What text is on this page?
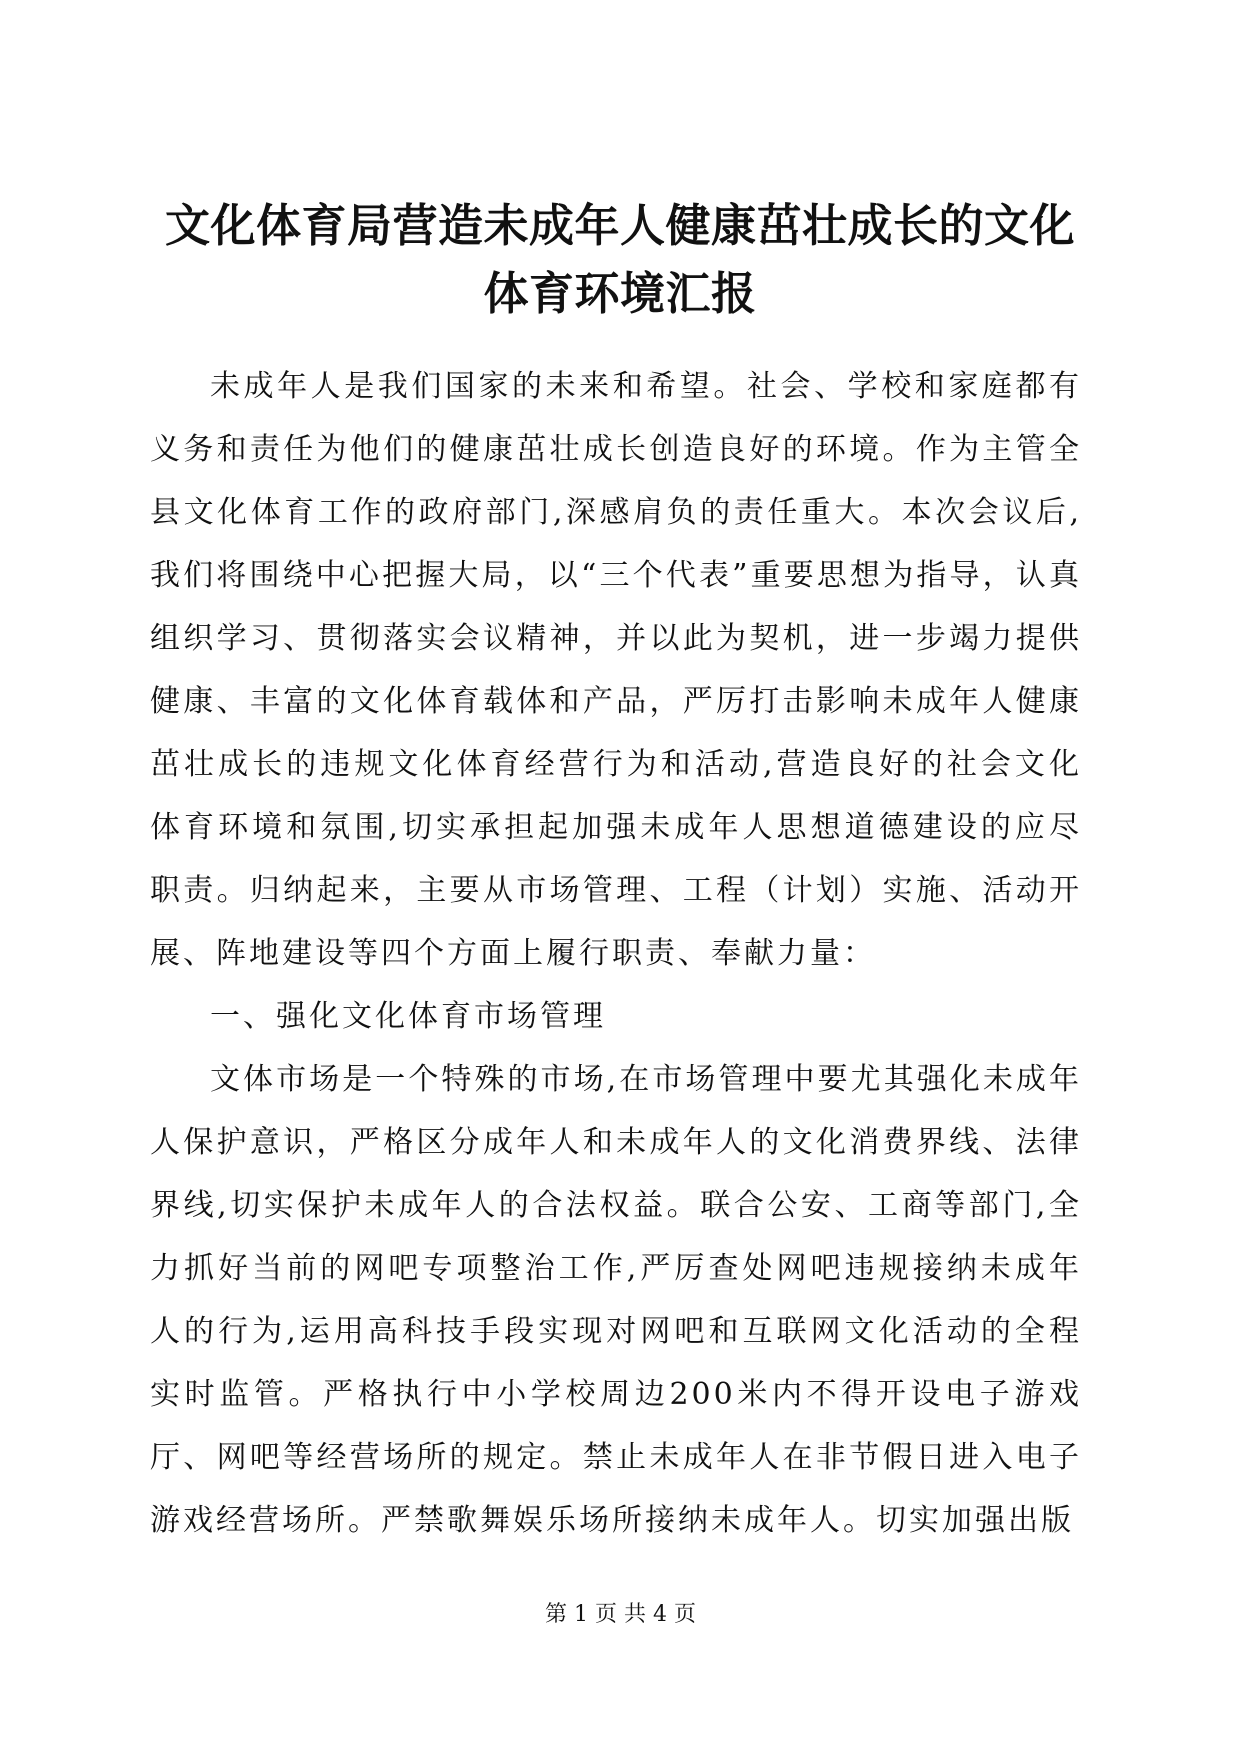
文化体育局营造未成年人健康茁壮成长的文化体育环境汇报

未成年人是我们国家的未来和希望。社会、学校和家庭都有义务和责任为他们的健康茁壮成长创造良好的环境。作为主管全县文化体育工作的政府部门,深感肩负的责任重大。本次会议后,我们将围绕中心把握大局，以“三个代表”重要思想为指导，认真组织学习、贯彻落实会议精神，并以此为契机，进一步竭力提供健康、丰富的文化体育载体和产品，严厉打击影响未成年人健康茁壮成长的违规文化体育经营行为和活动,营造良好的社会文化体育环境和氛围,切实承担起加强未成年人思想道德建设的应尽职责。归纳起来，主要从市场管理、工程（计划）实施、活动开展、阵地建设等四个方面上履行职责、奉献力量：

一、强化文化体育市场管理

文体市场是一个特殊的市场,在市场管理中要尤其强化未成年人保护意识，严格区分成年人和未成年人的文化消费界线、法律界线,切实保护未成年人的合法权益。联合公安、工商等部门,全力抓好当前的网吧专项整治工作,严厉查处网吧违规接纳未成年人的行为,运用高科技手段实现对网吧和互联网文化活动的全程实时监管。严格执行中小学校周边200米内不得开设电子游戏厅、网吧等经营场所的规定。禁止未成年人在非节假日进入电子游戏经营场所。严禁歌舞娱乐场所接纳未成年人。切实加强出版

第 1 页 共 4 页
